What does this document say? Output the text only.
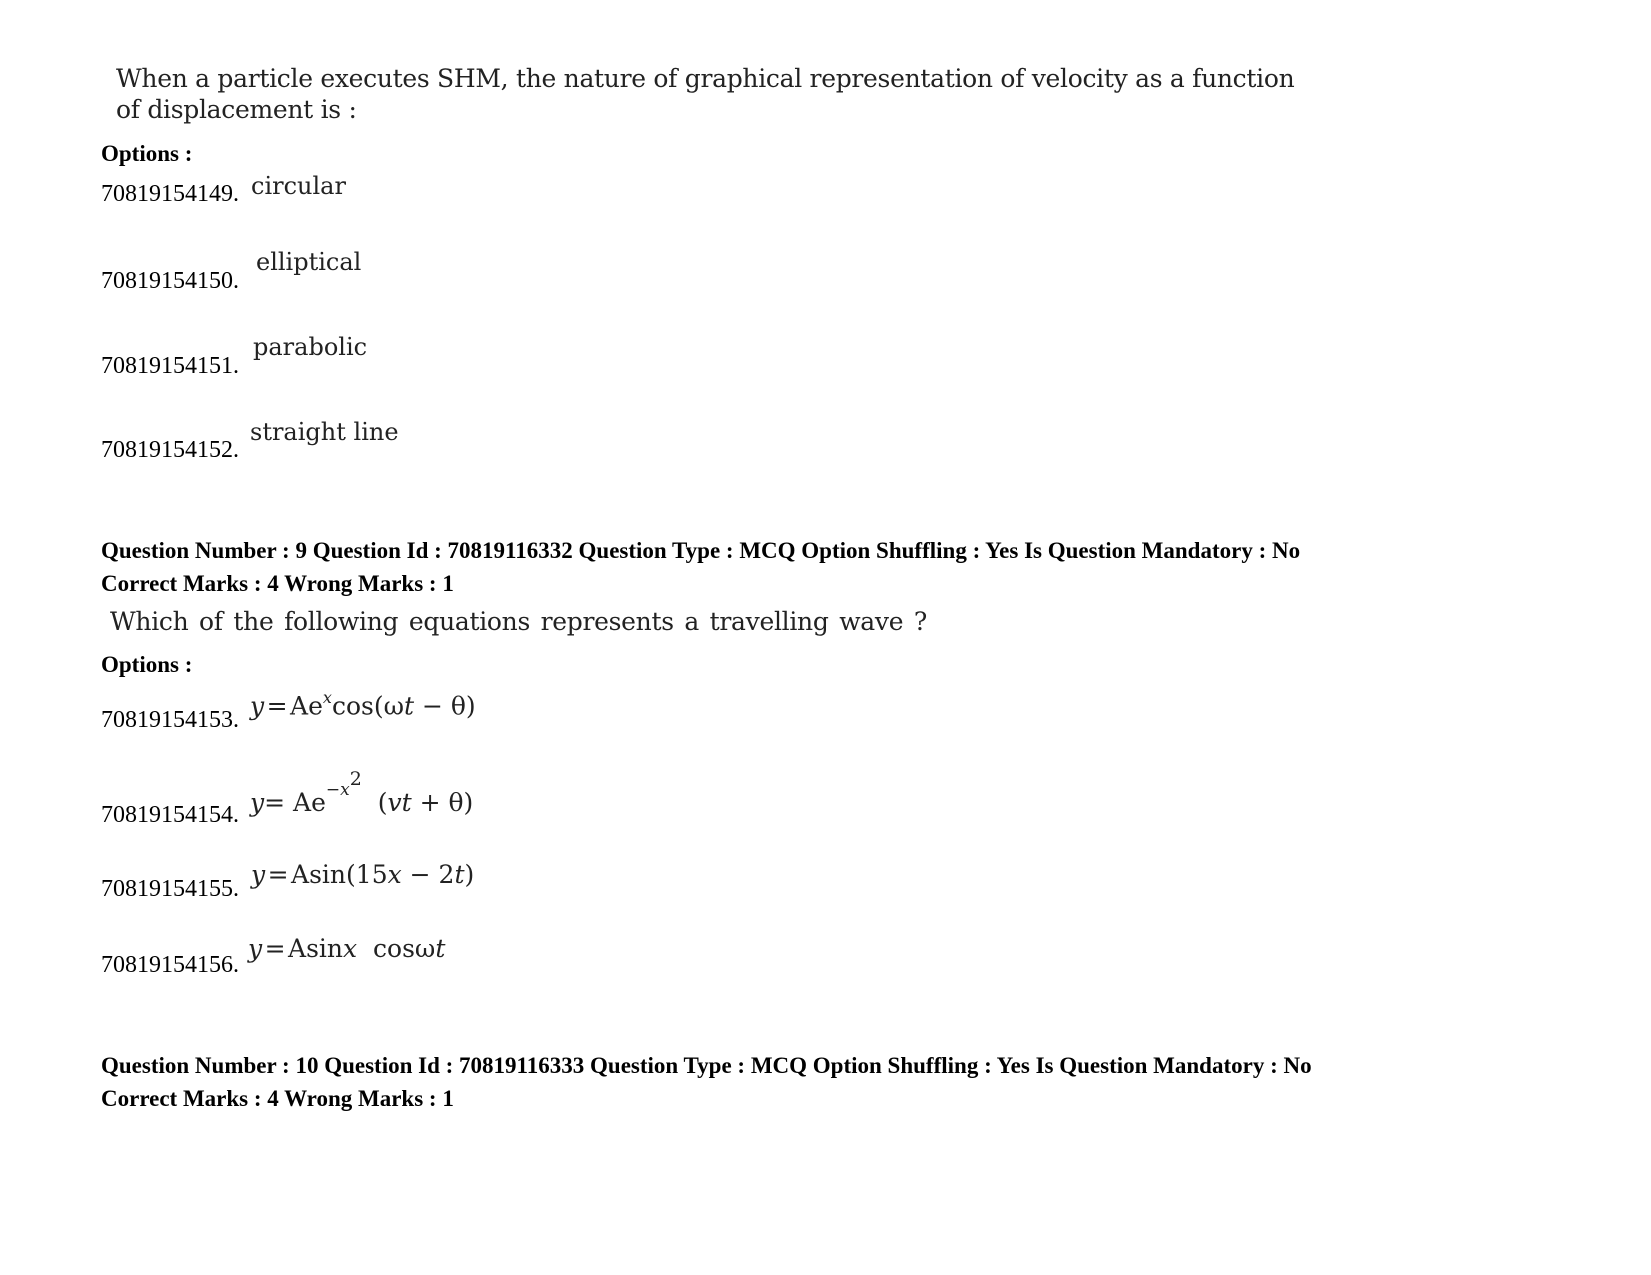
When a particle executes SHM, the nature of graphical representation of velocity as a function
of displacement is :
Options :
70819154149. circular
70819154150.
elliptical
70819154151.
parabolic
70819154152.
straight line
Question Number : 9 Question Id : 70819116332 Question Type : MCQ Option Shuffling : Yes Is Question Mandatory : No
Correct Marks : 4 Wrong Marks : 1
Which of the following equations represents a travelling wave ?
Options :
70819154153. y = $Ae^x\cos(\omega t - \theta)$
70819154154. $y= Ae-x^2$  (vt + θ)
70819154155. y = Asin(15x − 2t)
70819154156.
y = Asinx  cosωt
Question Number : 10 Question Id : 70819116333 Question Type : MCQ Option Shuffling : Yes Is Question Mandatory : No
Correct Marks : 4 Wrong Marks : 1
